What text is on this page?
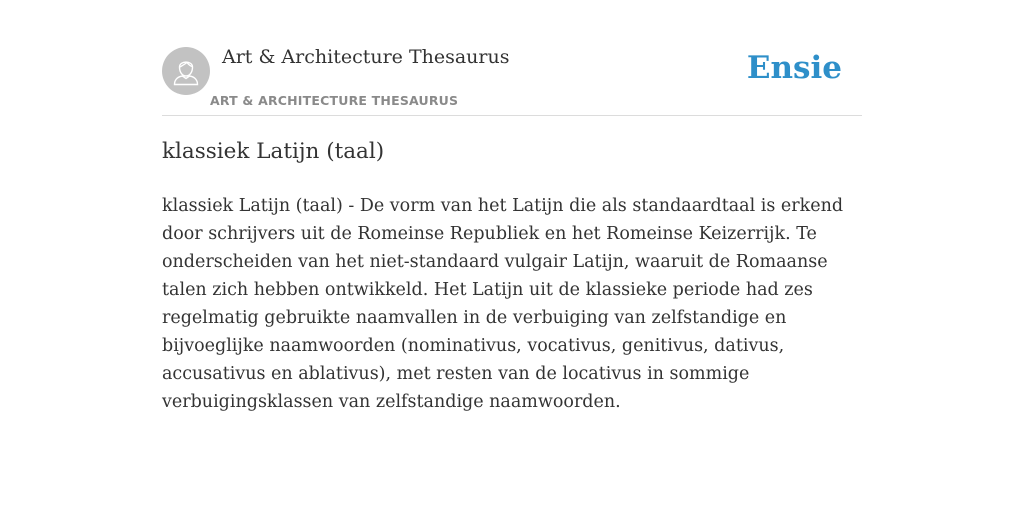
Art & Architecture Thesaurus
ART & ARCHITECTURE THESAURUS
Ensie
klassiek Latijn (taal)

klassiek Latijn (taal) - De vorm van het Latijn die als standaardtaal is erkend door schrijvers uit de Romeinse Republiek en het Romeinse Keizerrijk. Te onderscheiden van het niet-standaard vulgair Latijn, waaruit de Romaanse talen zich hebben ontwikkeld. Het Latijn uit de klassieke periode had zes regelmatig gebruikte naamvallen in de verbuiging van zelfstandige en bijvoeglijke naamwoorden (nominativus, vocativus, genitivus, dativus, accusativus en ablativus), met resten van de locativus in sommige verbuigingsklassen van zelfstandige naamwoorden.
